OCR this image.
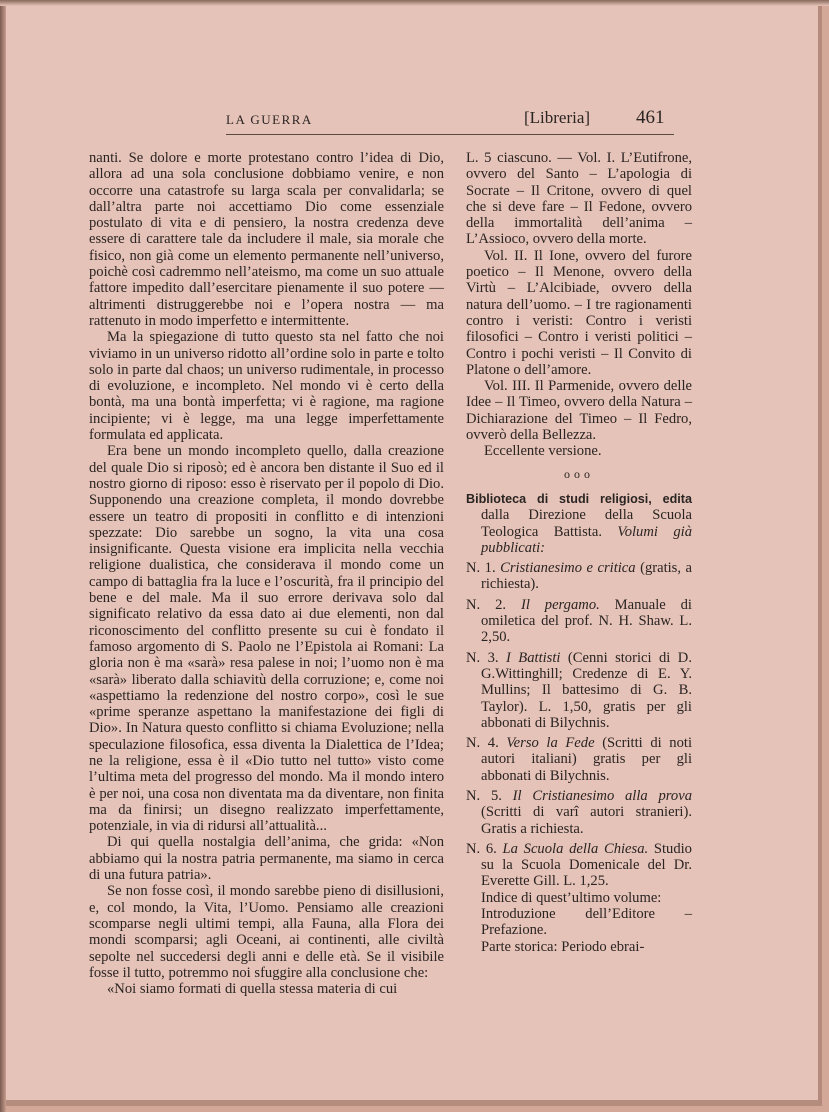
LA GUERRA	[Libreria] 461

nanti. Se dolore e morte protestano contro l’idea di Dio, allora ad una sola conclusione dobbiamo venire, e non occorre una catastrofe su larga scala per convalidarla; se dall’altra parte noi accettiamo Dio come essenziale postulato di vita e di pensiero, la nostra credenza deve essere di carattere tale da includere il male, sia morale che fisico, non già come un elemento permanente nell’universo, poichè così cadremmo nell’ateismo, ma come un suo attuale fattore impedito dall’esercitare pienamente il suo potere — altrimenti distruggerebbe noi e l’opera nostra — ma rattenuto in modo imperfetto e intermittente.

Ma la spiegazione di tutto questo sta nel fatto che noi viviamo in un universo ridotto all’ordine solo in parte e tolto solo in parte dal chaos; un universo rudimentale, in processo di evoluzione, e incompleto. Nel mondo vi è certo della bontà, ma una bontà imperfetta; vi è ragione, ma ragione incipiente; vi è legge, ma una legge imperfettamente formulata ed applicata.

Era bene un mondo incompleto quello, dalla creazione del quale Dio si riposò; ed è ancora ben distante il Suo ed il nostro giorno di riposo: esso è riservato per il popolo di Dio. Supponendo una creazione completa, il mondo dovrebbe essere un teatro di propositi in conflitto e di intenzioni spezzate: Dio sarebbe un sogno, la vita una cosa insignificante. Questa visione era implicita nella vecchia religione dualistica, che considerava il mondo come un campo di battaglia fra la luce e l’oscurità, fra il principio del bene e del male. Ma il suo errore derivava solo dal significato relativo da essa dato ai due elementi, non dal riconoscimento del conflitto presente su cui è fondato il famoso argomento di S. Paolo ne l’Epistola ai Romani: La gloria non è ma «sarà» resa palese in noi; l’uomo non è ma «sarà» liberato dalla schiavitù della corruzione; e, come noi «aspettiamo la redenzione del nostro corpo», così le sue «prime speranze aspettano la manifestazione dei figli di Dio». In Natura questo conflitto si chiama Evoluzione; nella speculazione filosofica, essa diventa la Dialettica de l’Idea; ne la religione, essa è il «Dio tutto nel tutto» visto come l’ultima meta del progresso del mondo. Ma il mondo intero è per noi, una cosa non diventata ma da diventare, non finita ma da finirsi; un disegno realizzato imperfettamente, potenziale, in via di ridursi all’attualità...

Di qui quella nostalgia dell’anima, che grida: «Non abbiamo qui la nostra patria permanente, ma siamo in cerca di una futura patria».

Se non fosse così, il mondo sarebbe pieno di disillusioni, e, col mondo, la Vita, l’Uomo. Pensiamo alle creazioni scomparse negli ultimi tempi, alla Fauna, alla Flora dei mondi scomparsi; agli Oceani, ai continenti, alle civiltà sepolte nel succedersi degli anni e delle età. Se il visibile fosse il tutto, potremmo noi sfuggire alla conclusione che:

«Noi siamo formati di quella stessa materia di cui

L. 5 ciascuno. — Vol. I. L’Eutifrone, ovvero del Santo – L’apologia di Socrate – Il Critone, ovvero di quel che si deve fare – Il Fedone, ovvero della immortalità dell’anima – L’Assioco, ovvero della morte.

Vol. II. Il Ione, ovvero del furore poetico – Il Menone, ovvero della Virtù – L’Alcibiade, ovvero della natura dell’uomo. – I tre ragionamenti contro i veristi: Contro i veristi filosofici – Contro i veristi politici – Contro i pochi veristi – Il Convito di Platone o dell’amore.

Vol. III. Il Parmenide, ovvero delle Idee – Il Timeo, ovvero della Natura – Dichiarazione del Timeo – Il Fedro, ovverò della Bellezza.

Eccellente versione.

ooo

Biblioteca di studi religiosi, edita dalla Direzione della Scuola Teologica Battista. Volumi già pubblicati:

N. 1. Cristianesimo e critica (gratis, a richiesta).

N. 2. Il pergamo. Manuale di omiletica del prof. N. H. Shaw. L. 2,50.

N. 3. I Battisti (Cenni storici di D. G.Wittinghill; Credenze di E. Y. Mullins; Il battesimo di G. B. Taylor). L. 1,50, gratis per gli abbonati di Bilychnis.

N. 4. Verso la Fede (Scritti di noti autori italiani) gratis per gli abbonati di Bilychnis.

N. 5. Il Cristianesimo alla prova (Scritti di varî autori stranieri). Gratis a richiesta.

N. 6. La Scuola della Chiesa. Studio su la Scuola Domenicale del Dr. Everette Gill. L. 1,25.

Indice di quest’ultimo volume:

Introduzione dell’Editore – Prefazione.

Parte storica: Periodo ebrai-
